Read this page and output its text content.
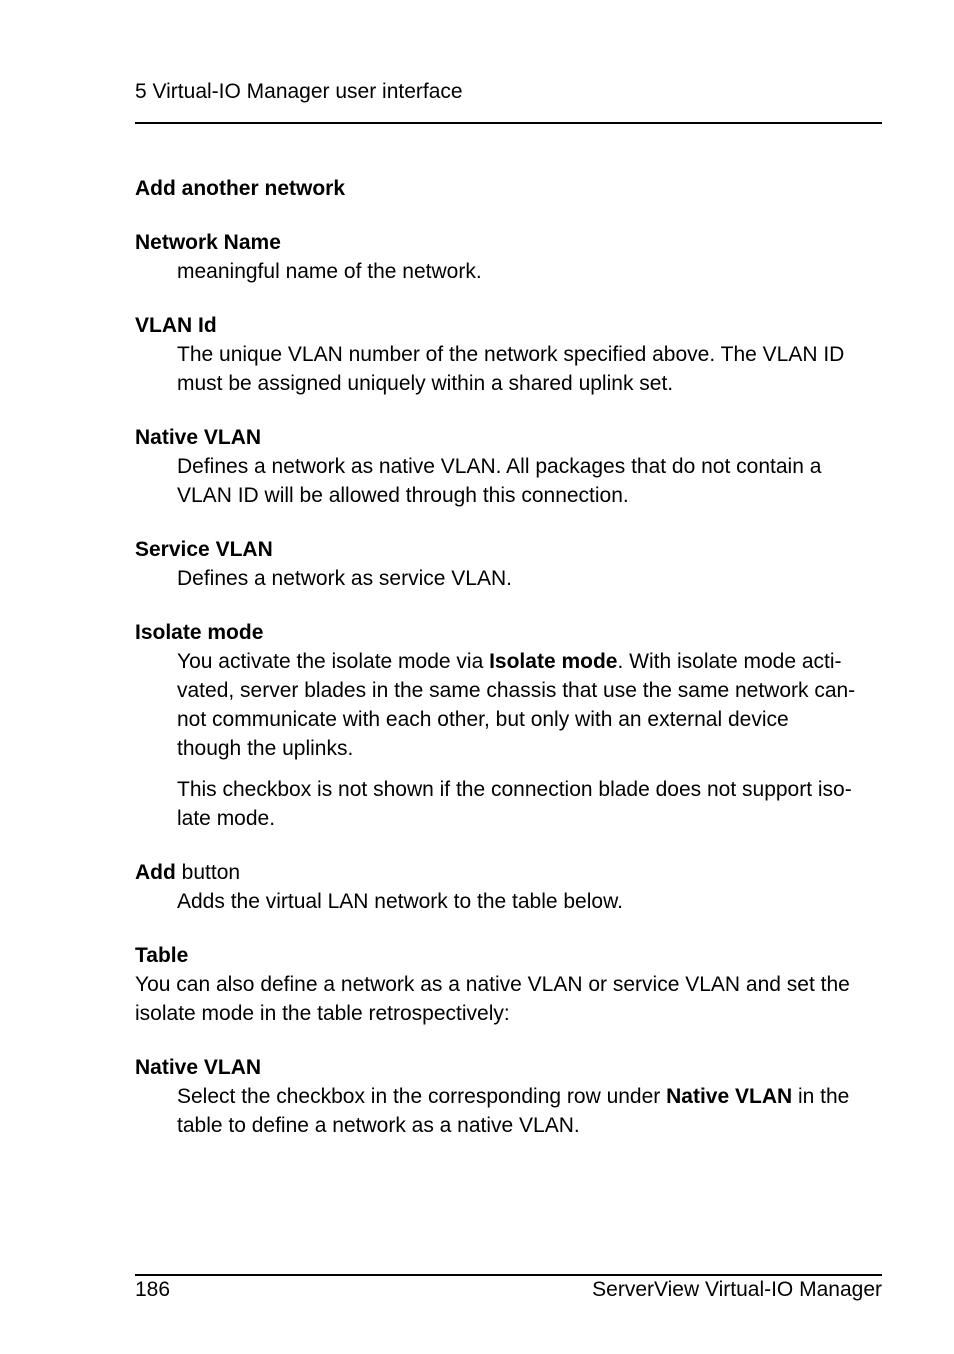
5 Virtual-IO Manager user interface

Add another network

Network Name

meaningful name of the network.

VLAN Id

The unique VLAN number of the network specified above. The VLAN ID
must be assigned uniquely within a shared uplink set.

Native VLAN

Defines a network as native VLAN. All packages that do not contain a
VLAN ID will be allowed through this connection.

Service VLAN

Defines a network as service VLAN.

Isolate mode

You activate the isolate mode via Isolate mode. With isolate mode acti-
vated, server blades in the same chassis that use the same network can-
not communicate with each other, but only with an external device
though the uplinks.

This checkbox is not shown if the connection blade does not support iso-
late mode.

Add button

Adds the virtual LAN network to the table below.

Table

You can also define a network as a native VLAN or service VLAN and set the
isolate mode in the table retrospectively:

Native VLAN

Select the checkbox in the corresponding row under Native VLAN in the
table to define a network as a native VLAN.

186	ServerView Virtual-IO Manager
